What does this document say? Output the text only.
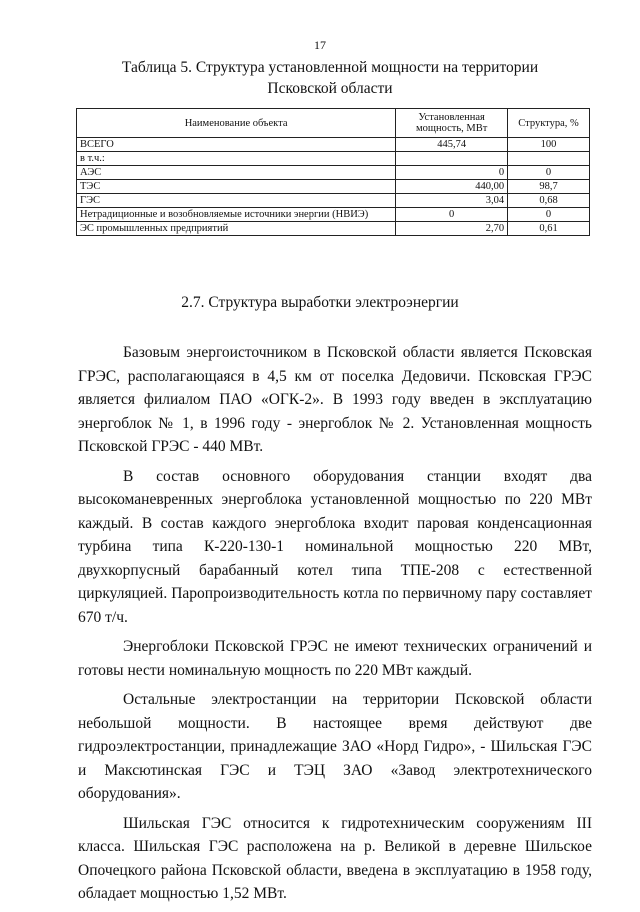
17
Таблица 5. Структура установленной мощности на территории
Псковской области
Наименование объекта	Установленная мощность, МВт	Структура, %
ВСЕГО	445,74	100
в т.ч.:		
АЭС	0	0
ТЭС	440,00	98,7
ГЭС	3,04	0,68
Нетрадиционные и возобновляемые источники энергии (НВИЭ)	0	0
ЭС промышленных предприятий	2,70	0,61
2.7. Структура выработки электроэнергии

Базовым энергоисточником в Псковской области является Псковская ГРЭС, располагающаяся в 4,5 км от поселка Дедовичи. Псковская ГРЭС является филиалом ПАО «ОГК-2». В 1993 году введен в эксплуатацию энергоблок № 1, в 1996 году - энергоблок № 2. Установленная мощность Псковской ГРЭС - 440 МВт.

В состав основного оборудования станции входят два высокоманевренных энергоблока установленной мощностью по 220 МВт каждый. В состав каждого энергоблока входит паровая конденсационная турбина типа К-220-130-1 номинальной мощностью 220 МВт, двухкорпусный барабанный котел типа ТПЕ-208 с естественной циркуляцией. Паропроизводительность котла по первичному пару составляет 670 т/ч.

Энергоблоки Псковской ГРЭС не имеют технических ограничений и готовы нести номинальную мощность по 220 МВт каждый.

Остальные электростанции на территории Псковской области небольшой мощности. В настоящее время действуют две гидроэлектростанции, принадлежащие ЗАО «Норд Гидро», - Шильская ГЭС и Максютинская ГЭС и ТЭЦ ЗАО «Завод электротехнического оборудования».

Шильская ГЭС относится к гидротехническим сооружениям III класса. Шильская ГЭС расположена на р. Великой в деревне Шильское Опочецкого района Псковской области, введена в эксплуатацию в 1958 году, обладает мощностью 1,52 МВт.
